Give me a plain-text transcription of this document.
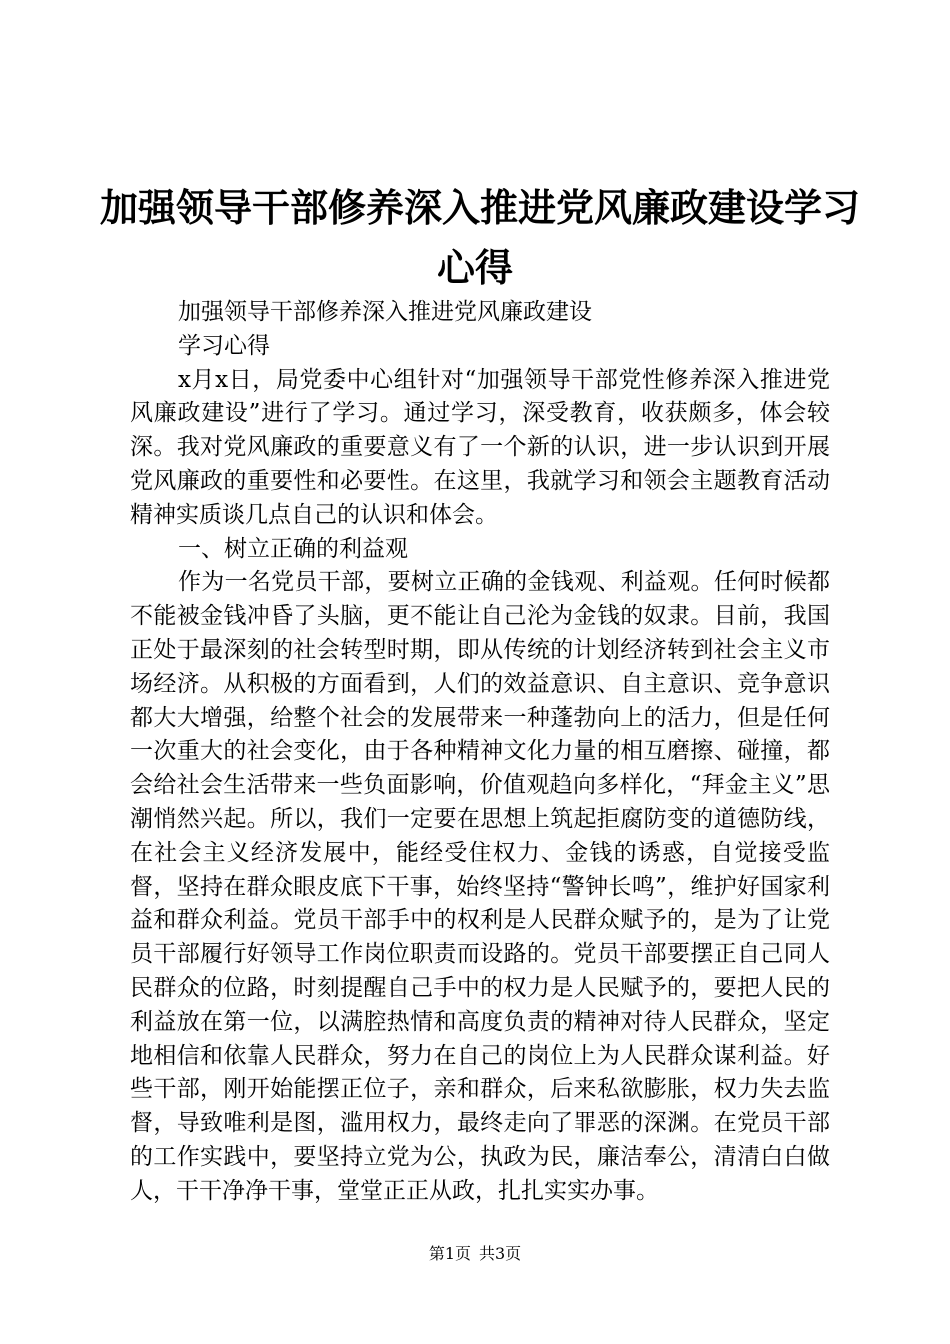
加强领导干部修养深入推进党风廉政建设学习
心得

加强领导干部修养深入推进党风廉政建设

学习心得

x月x日，局党委中心组针对“加强领导干部党性修养深入推进党风廉政建设”进行了学习。通过学习，深受教育，收获颇多，体会较深。我对党风廉政的重要意义有了一个新的认识，进一步认识到开展党风廉政的重要性和必要性。在这里，我就学习和领会主题教育活动精神实质谈几点自己的认识和体会。

一、树立正确的利益观

作为一名党员干部，要树立正确的金钱观、利益观。任何时候都不能被金钱冲昏了头脑，更不能让自己沦为金钱的奴隶。目前，我国正处于最深刻的社会转型时期，即从传统的计划经济转到社会主义市场经济。从积极的方面看到，人们的效益意识、自主意识、竞争意识都大大增强，给整个社会的发展带来一种蓬勃向上的活力，但是任何一次重大的社会变化，由于各种精神文化力量的相互磨擦、碰撞，都会给社会生活带来一些负面影响，价值观趋向多样化，“拜金主义”思潮悄然兴起。所以，我们一定要在思想上筑起拒腐防变的道德防线，在社会主义经济发展中，能经受住权力、金钱的诱惑，自觉接受监督，坚持在群众眼皮底下干事，始终坚持“警钟长鸣”，维护好国家利益和群众利益。党员干部手中的权利是人民群众赋予的，是为了让党员干部履行好领导工作岗位职责而设路的。党员干部要摆正自己同人民群众的位路，时刻提醒自己手中的权力是人民赋予的，要把人民的利益放在第一位，以满腔热情和高度负责的精神对待人民群众，坚定地相信和依靠人民群众，努力在自己的岗位上为人民群众谋利益。好些干部，刚开始能摆正位子，亲和群众，后来私欲膨胀，权力失去监督，导致唯利是图，滥用权力，最终走向了罪恶的深渊。在党员干部的工作实践中，要坚持立党为公，执政为民，廉洁奉公，清清白白做人，干干净净干事，堂堂正正从政，扎扎实实办事。

第1页 共3页
